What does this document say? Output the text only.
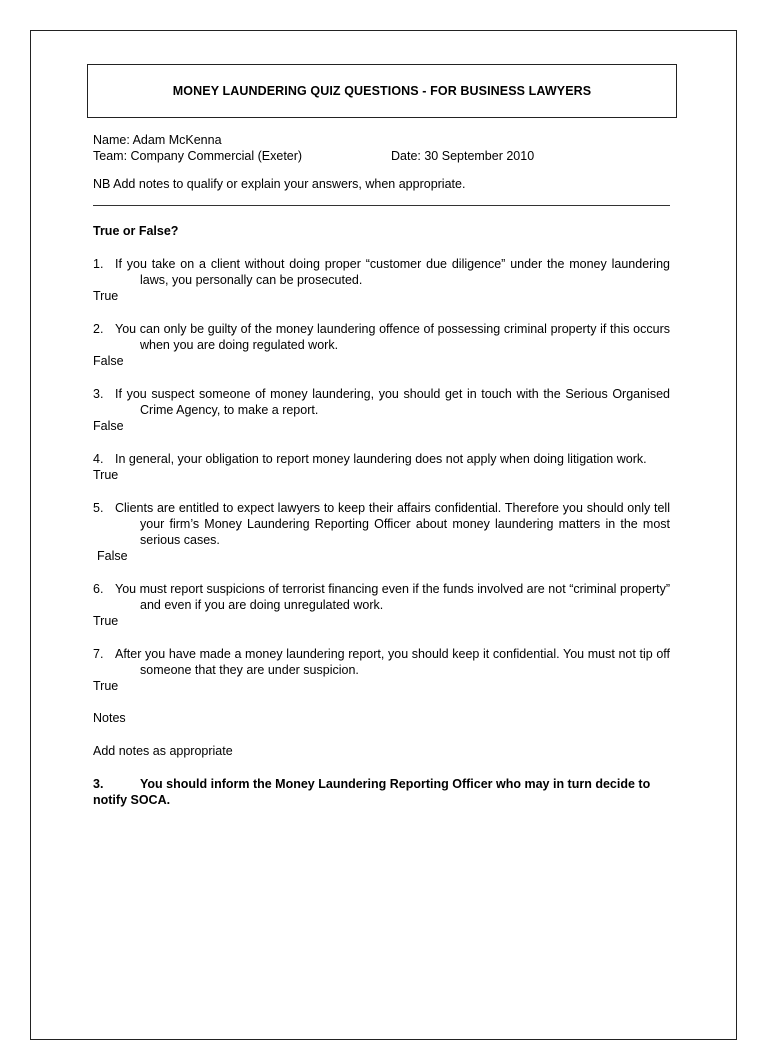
MONEY LAUNDERING QUIZ QUESTIONS - FOR BUSINESS LAWYERS
Name: Adam McKenna
Team: Company Commercial (Exeter)	Date: 30 September 2010
NB Add notes to qualify or explain your answers, when appropriate.
True or False?
1. If you take on a client without doing proper “customer due diligence” under the money laundering laws, you personally can be prosecuted.
True
2. You can only be guilty of the money laundering offence of possessing criminal property if this occurs when you are doing regulated work.
False
3. If you suspect someone of money laundering, you should get in touch with the Serious Organised Crime Agency, to make a report.
False
4. In general, your obligation to report money laundering does not apply when doing litigation work.
True
5. Clients are entitled to expect lawyers to keep their affairs confidential. Therefore you should only tell your firm’s Money Laundering Reporting Officer about money laundering matters in the most serious cases.
False
6. You must report suspicions of terrorist financing even if the funds involved are not “criminal property” and even if you are doing unregulated work.
True
7. After you have made a money laundering report, you should keep it confidential. You must not tip off someone that they are under suspicion.
True
Notes
Add notes as appropriate
3.	You should inform the Money Laundering Reporting Officer who may in turn decide to notify SOCA.
